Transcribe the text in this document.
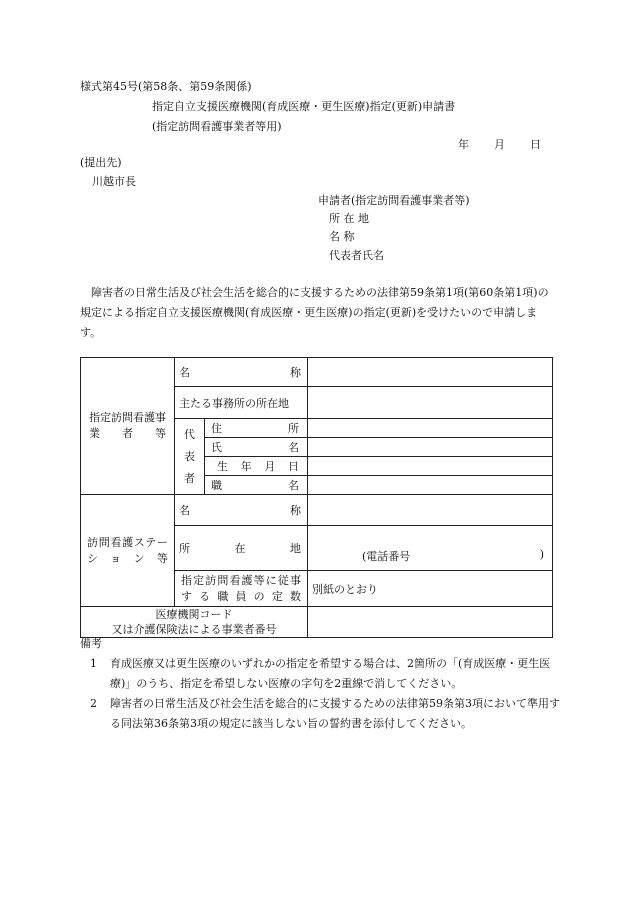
様式第45号(第58条、第59条関係)
指定自立支援医療機関(育成医療・更生医療)指定(更新)申請書
(指定訪問看護事業者等用)
年 月 日
(提出先)
川越市長
申請者(指定訪問看護事業者等)
所 在 地
名 称
代表者氏名
障害者の日常生活及び社会生活を総合的に支援するための法律第59条第1項(第60条第1項)の規定による指定自立支援医療機関(育成医療・更生医療)の指定(更新)を受けたいので申請します。
指定訪問看護事業者等	名 称		

	主たる事務所の所在地		

	代表者	住 所	

		氏 名	

		生 年 月 日	

		職 名	

訪問看護ステーション等	名 称		

	所 在 地		(電話番号 )

	指定訪問看護等に従事する職員の定数		別紙のとおり

医療機関コード
又は介護保険法による事業者番号			

備考
1	育成医療又は更生医療のいずれかの指定を希望する場合は、2箇所の「(育成医療・更生医療)」のうち、指定を希望しない医療の字句を2重線で消してください。
2	障害者の日常生活及び社会生活を総合的に支援するための法律第59条第3項において準用する同法第36条第3項の規定に該当しない旨の誓約書を添付してください。
